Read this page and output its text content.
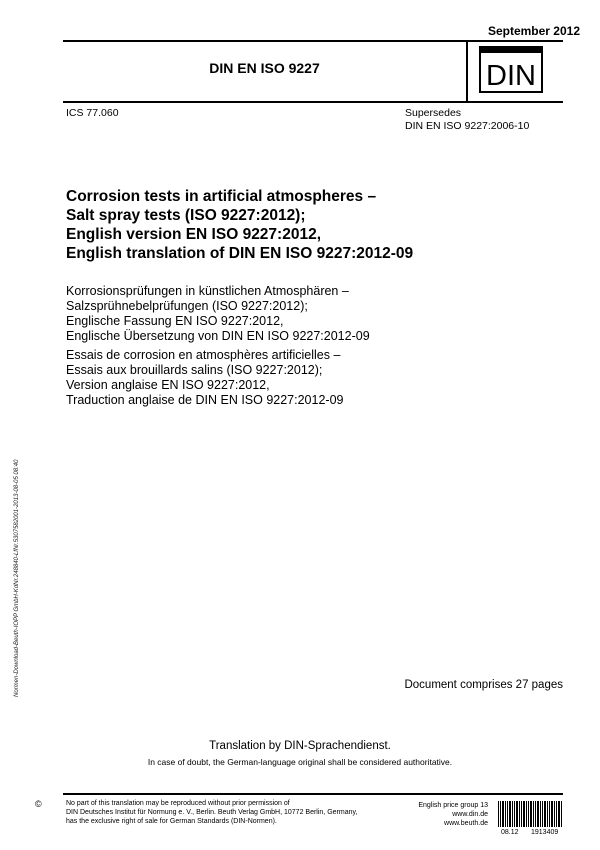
September 2012
DIN EN ISO 9227	DIN
ICS 77.060	Supersedes
DIN EN ISO 9227:2006-10
Corrosion tests in artificial atmospheres –
Salt spray tests (ISO 9227:2012);
English version EN ISO 9227:2012,
English translation of DIN EN ISO 9227:2012-09
Korrosionsprüfungen in künstlichen Atmosphären –
Salzsprühnebelprüfungen (ISO 9227:2012);
Englische Fassung EN ISO 9227:2012,
Englische Übersetzung von DIN EN ISO 9227:2012-09
Essais de corrosion en atmosphères artificielles –
Essais aux brouillards salins (ISO 9227:2012);
Version anglaise EN ISO 9227:2012,
Traduction anglaise de DIN EN ISO 9227:2012-09
Document comprises 27 pages
Translation by DIN-Sprachendienst.
In case of doubt, the German-language original shall be considered authoritative.
©	No part of this translation may be reproduced without prior permission of
DIN Deutsches Institut für Normung e. V., Berlin. Beuth Verlag GmbH, 10772 Berlin, Germany,
has the exclusive right of sale for German Standards (DIN-Normen).
English price group 13
www.din.de
www.beuth.de
08.12 1913409
Normen-Download-Beuth-IOPP GmbH-KdNr.248840-LfNr.5307582001-2013-08-05 08:40
